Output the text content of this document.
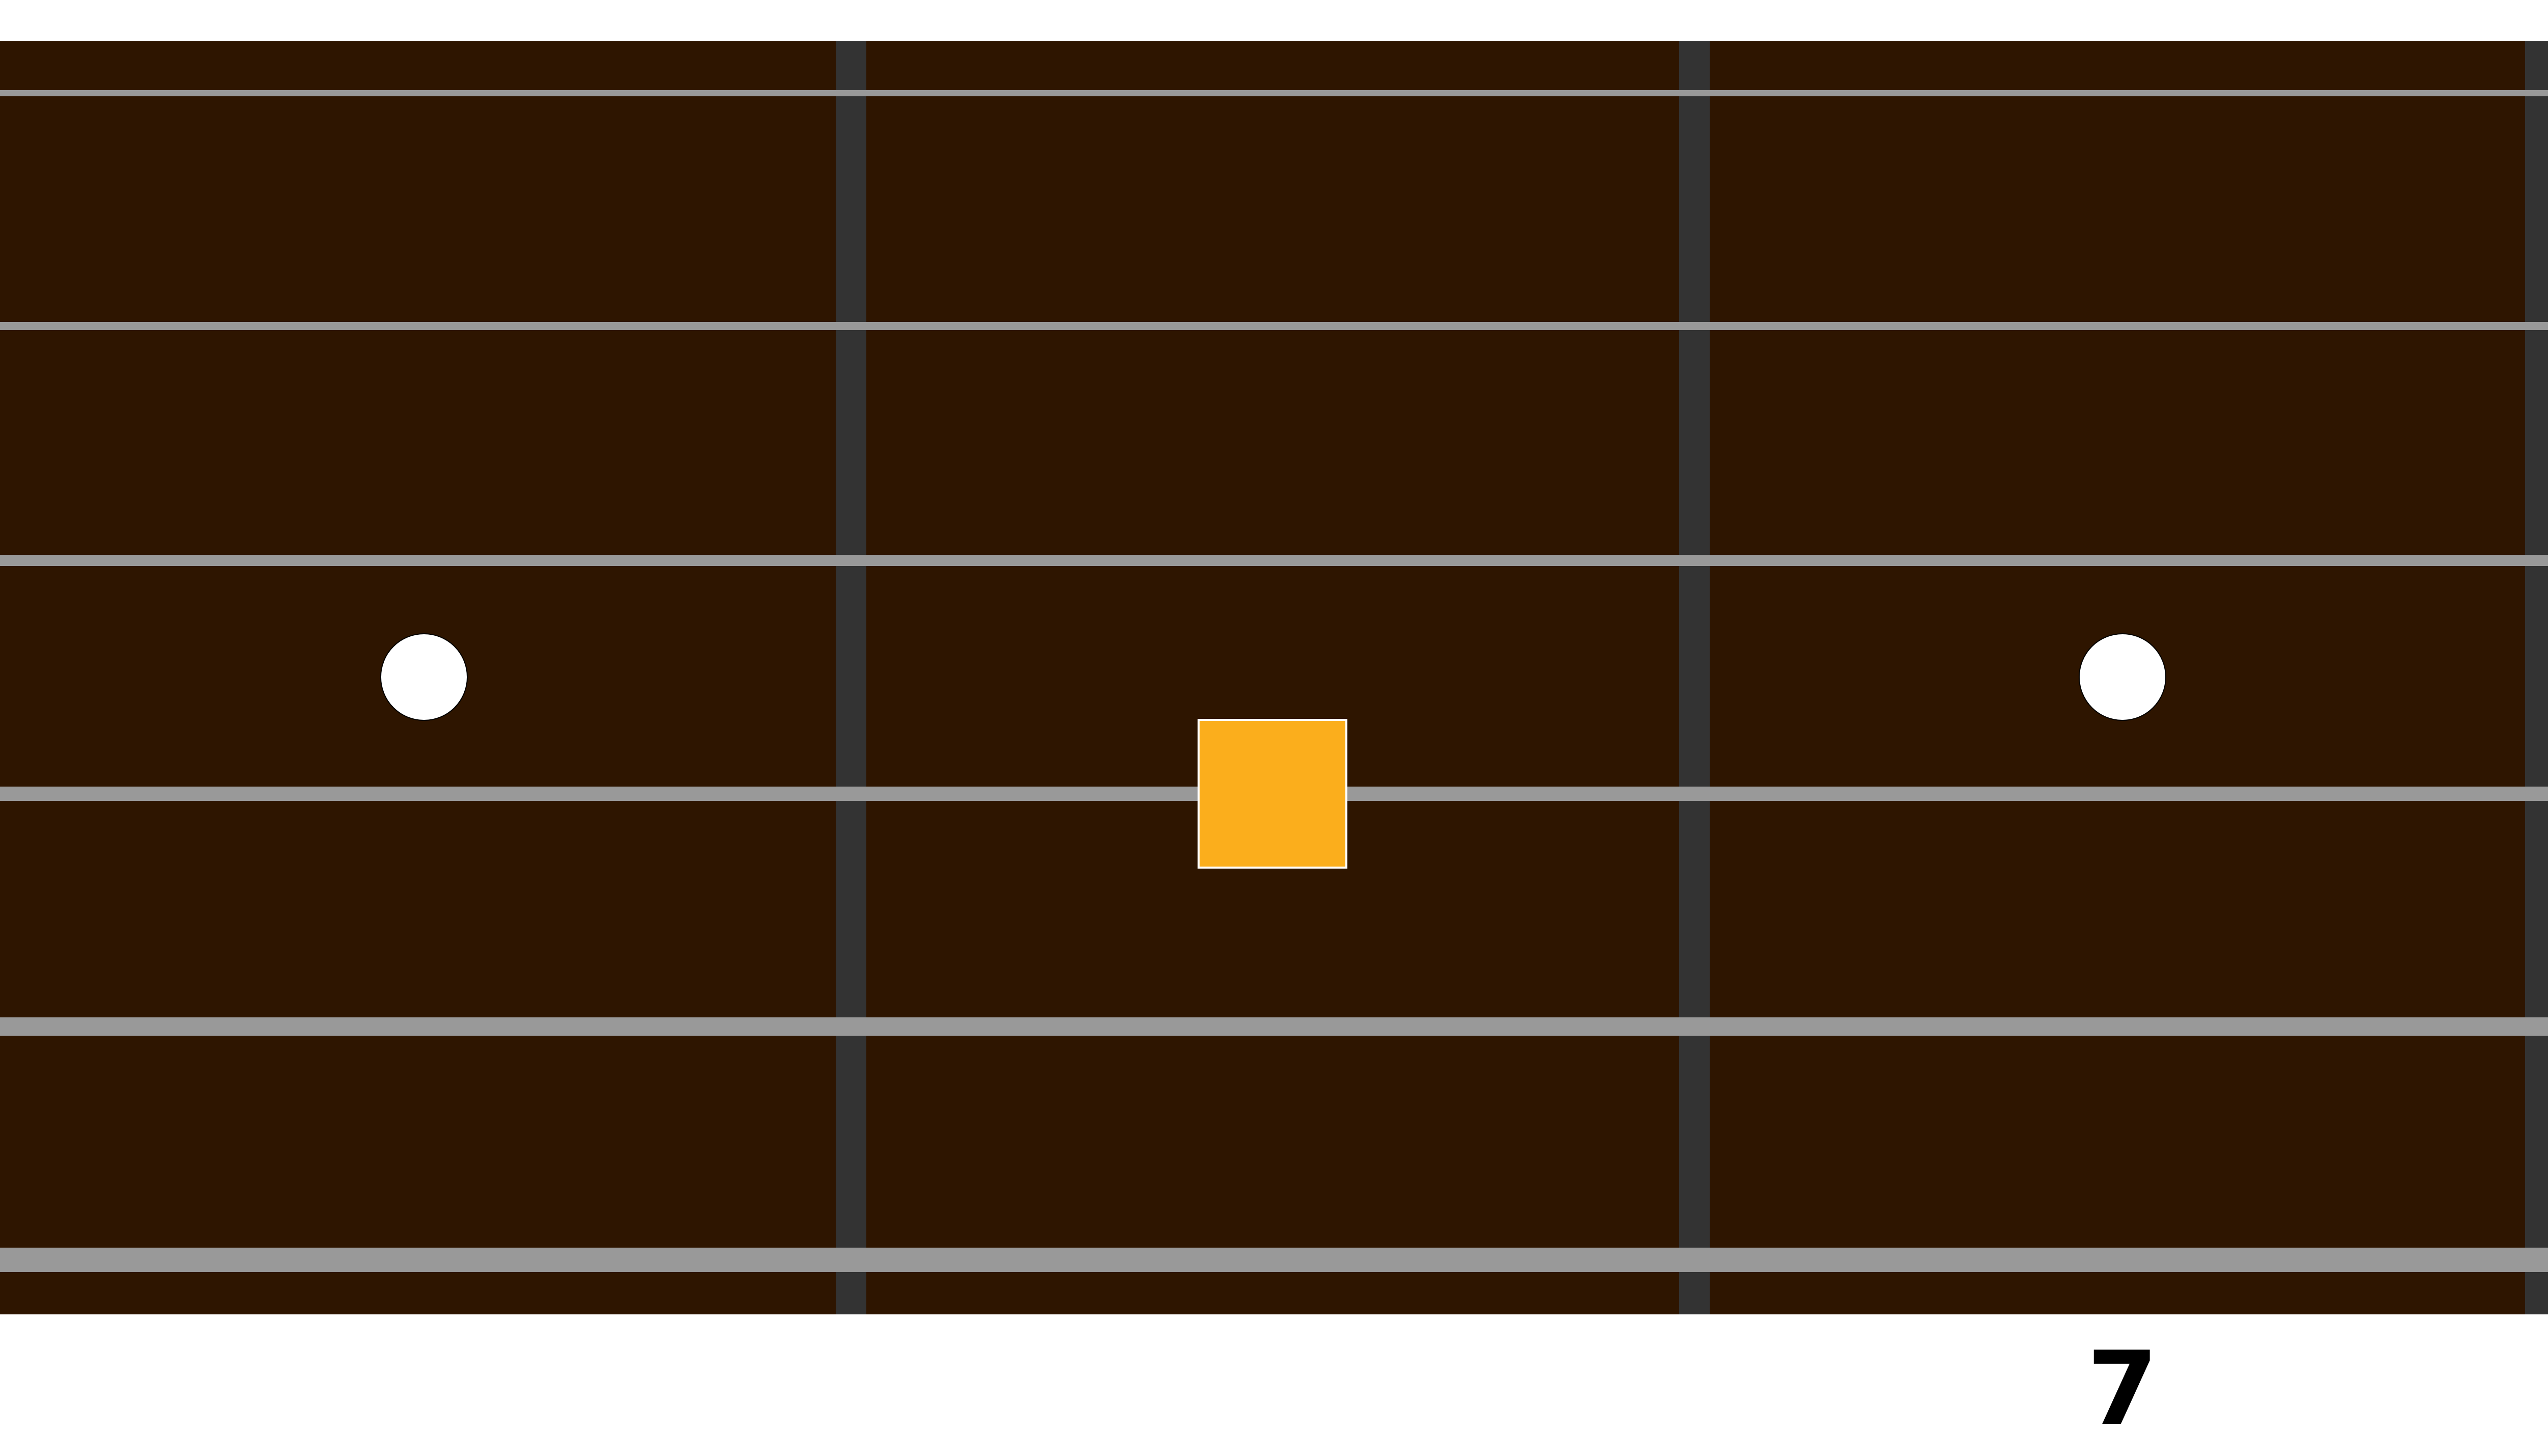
7
